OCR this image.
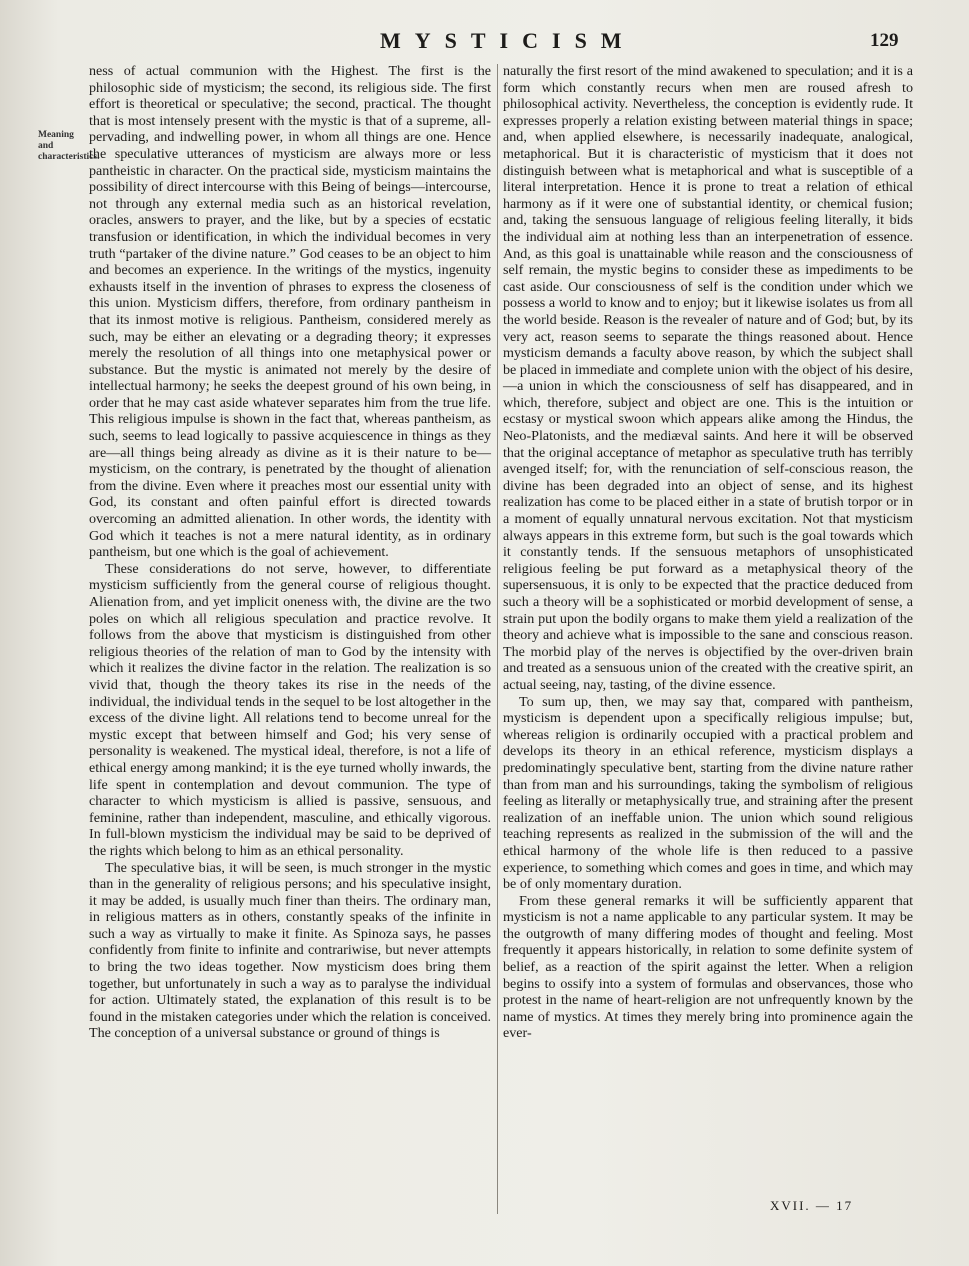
MYSTICISM	129
Meaning and characteristics.

ness of actual communion with the Highest. The first is the philosophic side of mysticism; the second, its religious side. The first effort is theoretical or speculative; the second, practical. The thought that is most intensely present with the mystic is that of a supreme, all-pervading, and indwelling power, in whom all things are one. Hence the speculative utterances of mysticism are always more or less pantheistic in character. On the practical side, mysticism maintains the possibility of direct intercourse with this Being of beings—intercourse, not through any external media such as an historical revelation, oracles, answers to prayer, and the like, but by a species of ecstatic transfusion or identification, in which the individual becomes in very truth “partaker of the divine nature.” God ceases to be an object to him and becomes an experience. In the writings of the mystics, ingenuity exhausts itself in the invention of phrases to express the closeness of this union. Mysticism differs, therefore, from ordinary pantheism in that its inmost motive is religious. Pantheism, considered merely as such, may be either an elevating or a degrading theory; it expresses merely the resolution of all things into one metaphysical power or substance. But the mystic is animated not merely by the desire of intellectual harmony; he seeks the deepest ground of his own being, in order that he may cast aside whatever separates him from the true life. This religious impulse is shown in the fact that, whereas pantheism, as such, seems to lead logically to passive acquiescence in things as they are—all things being already as divine as it is their nature to be—mysticism, on the contrary, is penetrated by the thought of alienation from the divine. Even where it preaches most our essential unity with God, its constant and often painful effort is directed towards overcoming an admitted alienation. In other words, the identity with God which it teaches is not a mere natural identity, as in ordinary pantheism, but one which is the goal of achievement.

These considerations do not serve, however, to differentiate mysticism sufficiently from the general course of religious thought. Alienation from, and yet implicit oneness with, the divine are the two poles on which all religious speculation and practice revolve. It follows from the above that mysticism is distinguished from other religious theories of the relation of man to God by the intensity with which it realizes the divine factor in the relation. The realization is so vivid that, though the theory takes its rise in the needs of the individual, the individual tends in the sequel to be lost altogether in the excess of the divine light. All relations tend to become unreal for the mystic except that between himself and God; his very sense of personality is weakened. The mystical ideal, therefore, is not a life of ethical energy among mankind; it is the eye turned wholly inwards, the life spent in contemplation and devout communion. The type of character to which mysticism is allied is passive, sensuous, and feminine, rather than independent, masculine, and ethically vigorous. In full-blown mysticism the individual may be said to be deprived of the rights which belong to him as an ethical personality.

The speculative bias, it will be seen, is much stronger in the mystic than in the generality of religious persons; and his speculative insight, it may be added, is usually much finer than theirs. The ordinary man, in religious matters as in others, constantly speaks of the infinite in such a way as virtually to make it finite. As Spinoza says, he passes confidently from finite to infinite and contrariwise, but never attempts to bring the two ideas together. Now mysticism does bring them together, but unfortunately in such a way as to paralyse the individual for action. Ultimately stated, the explanation of this result is to be found in the mistaken categories under which the relation is conceived. The conception of a universal substance or ground of things is

naturally the first resort of the mind awakened to speculation; and it is a form which constantly recurs when men are roused afresh to philosophical activity. Nevertheless, the conception is evidently rude. It expresses properly a relation existing between material things in space; and, when applied elsewhere, is necessarily inadequate, analogical, metaphorical. But it is characteristic of mysticism that it does not distinguish between what is metaphorical and what is susceptible of a literal interpretation. Hence it is prone to treat a relation of ethical harmony as if it were one of substantial identity, or chemical fusion; and, taking the sensuous language of religious feeling literally, it bids the individual aim at nothing less than an interpenetration of essence. And, as this goal is unattainable while reason and the consciousness of self remain, the mystic begins to consider these as impediments to be cast aside. Our consciousness of self is the condition under which we possess a world to know and to enjoy; but it likewise isolates us from all the world beside. Reason is the revealer of nature and of God; but, by its very act, reason seems to separate the things reasoned about. Hence mysticism demands a faculty above reason, by which the subject shall be placed in immediate and complete union with the object of his desire,—a union in which the consciousness of self has disappeared, and in which, therefore, subject and object are one. This is the intuition or ecstasy or mystical swoon which appears alike among the Hindus, the Neo-Platonists, and the mediæval saints. And here it will be observed that the original acceptance of metaphor as speculative truth has terribly avenged itself; for, with the renunciation of self-conscious reason, the divine has been degraded into an object of sense, and its highest realization has come to be placed either in a state of brutish torpor or in a moment of equally unnatural nervous excitation. Not that mysticism always appears in this extreme form, but such is the goal towards which it constantly tends. If the sensuous metaphors of unsophisticated religious feeling be put forward as a metaphysical theory of the supersensuous, it is only to be expected that the practice deduced from such a theory will be a sophisticated or morbid development of sense, a strain put upon the bodily organs to make them yield a realization of the theory and achieve what is impossible to the sane and conscious reason. The morbid play of the nerves is objectified by the over-driven brain and treated as a sensuous union of the created with the creative spirit, an actual seeing, nay, tasting, of the divine essence.

To sum up, then, we may say that, compared with pantheism, mysticism is dependent upon a specifically religious impulse; but, whereas religion is ordinarily occupied with a practical problem and develops its theory in an ethical reference, mysticism displays a predominatingly speculative bent, starting from the divine nature rather than from man and his surroundings, taking the symbolism of religious feeling as literally or metaphysically true, and straining after the present realization of an ineffable union. The union which sound religious teaching represents as realized in the submission of the will and the ethical harmony of the whole life is then reduced to a passive experience, to something which comes and goes in time, and which may be of only momentary duration.

From these general remarks it will be sufficiently apparent that mysticism is not a name applicable to any particular system. It may be the outgrowth of many differing modes of thought and feeling. Most frequently it appears historically, in relation to some definite system of belief, as a reaction of the spirit against the letter. When a religion begins to ossify into a system of formulas and observances, those who protest in the name of heart-religion are not unfrequently known by the name of mystics. At times they merely bring into prominence again the ever-

XVII. — 17
